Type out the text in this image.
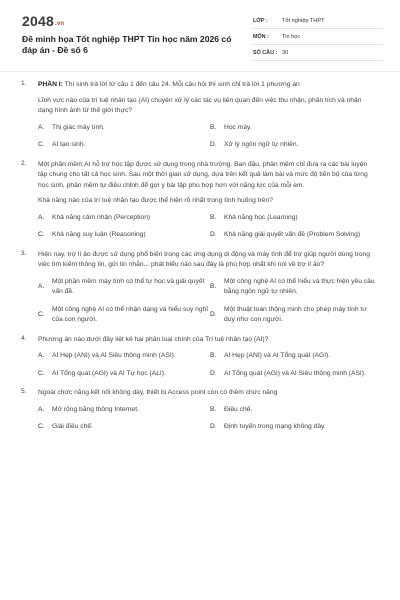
2048.vn
Đề minh họa Tốt nghiệp THPT Tin học năm 2026 có đáp án - Đề số 6
LỚP :	Tốt nghiệp THPT
MÔN :	Tin học
SỐ CÂU : 30
1. PHẦN I: Thí sinh trả lời từ câu 1 đến câu 24. Mỗi câu hỏi thí sinh chỉ trả lời 1 phương án
Lĩnh vực nào của trí tuệ nhân tạo (AI) chuyên xử lý các tác vụ liên quan đến việc thu nhận, phân tích và nhận dạng hình ảnh từ thế giới thực?
A.	Thị giác máy tính.	B.	Học máy.
C.	AI tạo sinh.	D.	Xử lý ngôn ngữ tự nhiên.
2. Một phần mềm AI hỗ trợ học tập được sử dụng trong nhà trường. Ban đầu, phần mềm chỉ đưa ra các bài luyện tập chung cho tất cả học sinh. Sau một thời gian sử dụng, dựa trên kết quả làm bài và mức độ tiến bộ của từng học sinh, phần mềm tự điều chỉnh để gợi ý bài tập phù hợp hơn với năng lực của mỗi em.
Khả năng nào của trí tuệ nhân tạo được thể hiện rõ nhất trong tình huống trên?
A.	Khả năng cảm nhận (Perception)	B.	Khả năng học (Learning)
C.	Khả năng suy luận (Reasoning)	D.	Khả năng giải quyết vấn đề (Problem Solving)
3. Hiện nay, trợ lí ảo được sử dụng phổ biến trong các ứng dụng di động và máy tính để trợ giúp người dùng trong việc tìm kiếm thông tin, gửi tin nhắn... phát biểu nào sau đây là phù hợp nhất khi nói về trợ lí ảo?
A.
Một phần mềm máy tính có thể tự học và giải quyết vấn đề.
B.
Một công nghệ AI có thể hiểu và thực hiện yêu cầu bằng ngôn ngữ tự nhiên.
C.
Một công nghệ AI có thể nhận dạng và hiểu suy nghĩ của con người.
D.
Một thuật toán thông minh cho phép máy tính tư duy như con người.
4. Phương án nào dưới đây liệt kê hai phân loại chính của Trí tuệ nhân tạo (AI)?
A.	AI Hẹp (ANI) và AI Siêu thông minh (ASI).	B.	AI Hẹp (ANI) và AI Tổng quát (AGI).
C.	AI Tổng quát (AGI) và AI Tự học (ALI).	D.	AI Tổng quát (AGI) và AI Siêu thông minh (ASI).
5. Ngoài chức năng kết nối không dây, thiết bị Access point còn có thêm chức năng
A.	Mở rộng băng thông Internet.	B.	Điều chế.
C.	Giải điều chế.	D.	Định tuyến trong mạng không dây.
